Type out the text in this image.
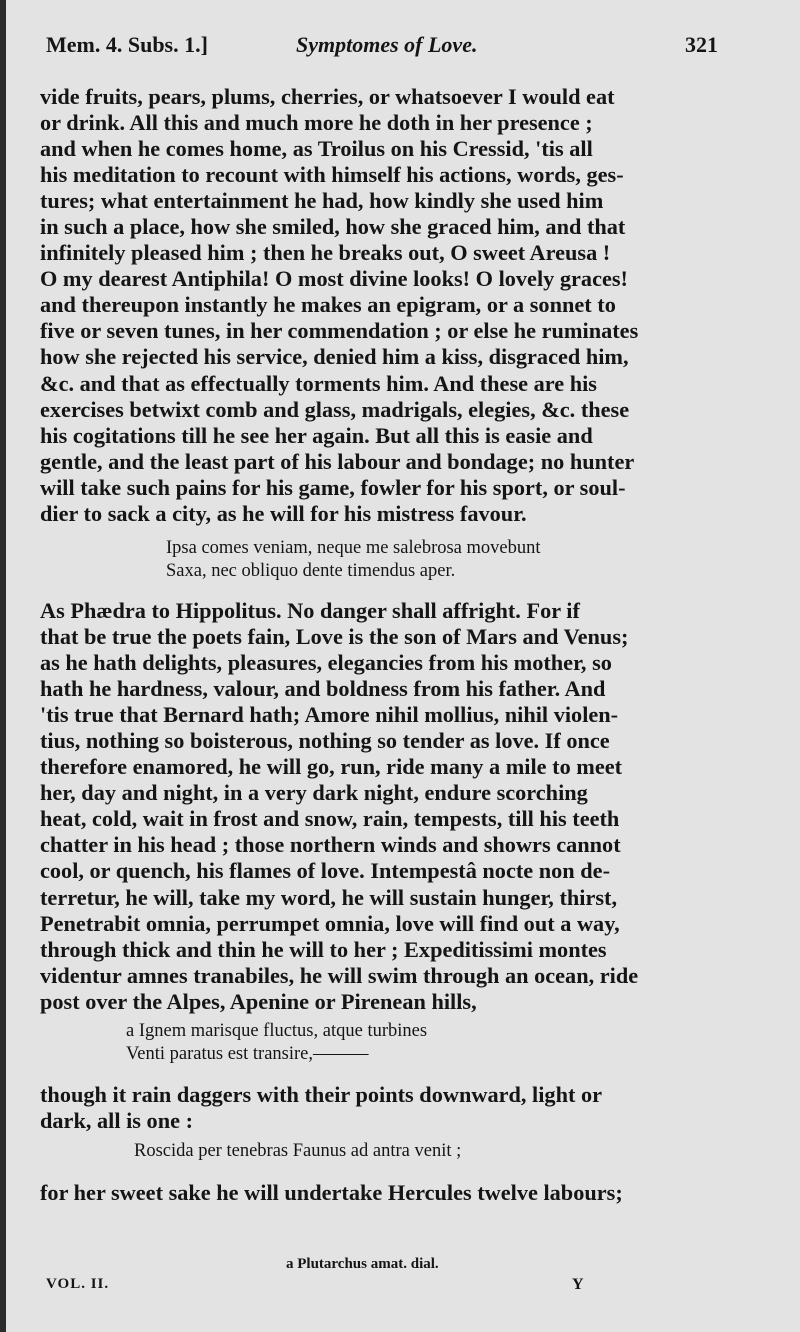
Mem. 4. Subs. 1.]	Symptomes of Love.	321
vide fruits, pears, plums, cherries, or whatsoever I would eat
or drink. All this and much more he doth in her presence ;
and when he comes home, as Troilus on his Cressid, 'tis all
his meditation to recount with himself his actions, words, ges-
tures; what entertainment he had, how kindly she used him
in such a place, how she smiled, how she graced him, and that
infinitely pleased him ; then he breaks out, O sweet Areusa !
O my dearest Antiphila! O most divine looks! O lovely graces!
and thereupon instantly he makes an epigram, or a sonnet to
five or seven tunes, in her commendation ; or else he ruminates
how she rejected his service, denied him a kiss, disgraced him,
&c. and that as effectually torments him. And these are his
exercises betwixt comb and glass, madrigals, elegies, &c. these
his cogitations till he see her again. But all this is easie and
gentle, and the least part of his labour and bondage; no hunter
will take such pains for his game, fowler for his sport, or soul-
dier to sack a city, as he will for his mistress favour.
Ipsa comes veniam, neque me salebrosa movebunt
Saxa, nec obliquo dente timendus aper.
As Phædra to Hippolitus. No danger shall affright. For if
that be true the poets fain, Love is the son of Mars and Venus;
as he hath delights, pleasures, elegancies from his mother, so
hath he hardness, valour, and boldness from his father. And
'tis true that Bernard hath; Amore nihil mollius, nihil violen-
tius, nothing so boisterous, nothing so tender as love. If once
therefore enamored, he will go, run, ride many a mile to meet
her, day and night, in a very dark night, endure scorching
heat, cold, wait in frost and snow, rain, tempests, till his teeth
chatter in his head ; those northern winds and showrs cannot
cool, or quench, his flames of love. Intempestâ nocte non de-
terretur, he will, take my word, he will sustain hunger, thirst,
Penetrabit omnia, perrumpet omnia, love will find out a way,
through thick and thin he will to her ; Expeditissimi montes
videntur amnes tranabiles, he will swim through an ocean, ride
post over the Alpes, Apenine or Pirenean hills,
a Ignem marisque fluctus, atque turbines
Venti paratus est transire,———
though it rain daggers with their points downward, light or
dark, all is one :
Roscida per tenebras Faunus ad antra venit ;
for her sweet sake he will undertake Hercules twelve labours;
a Plutarchus amat. dial.
VOL. II.	Y
